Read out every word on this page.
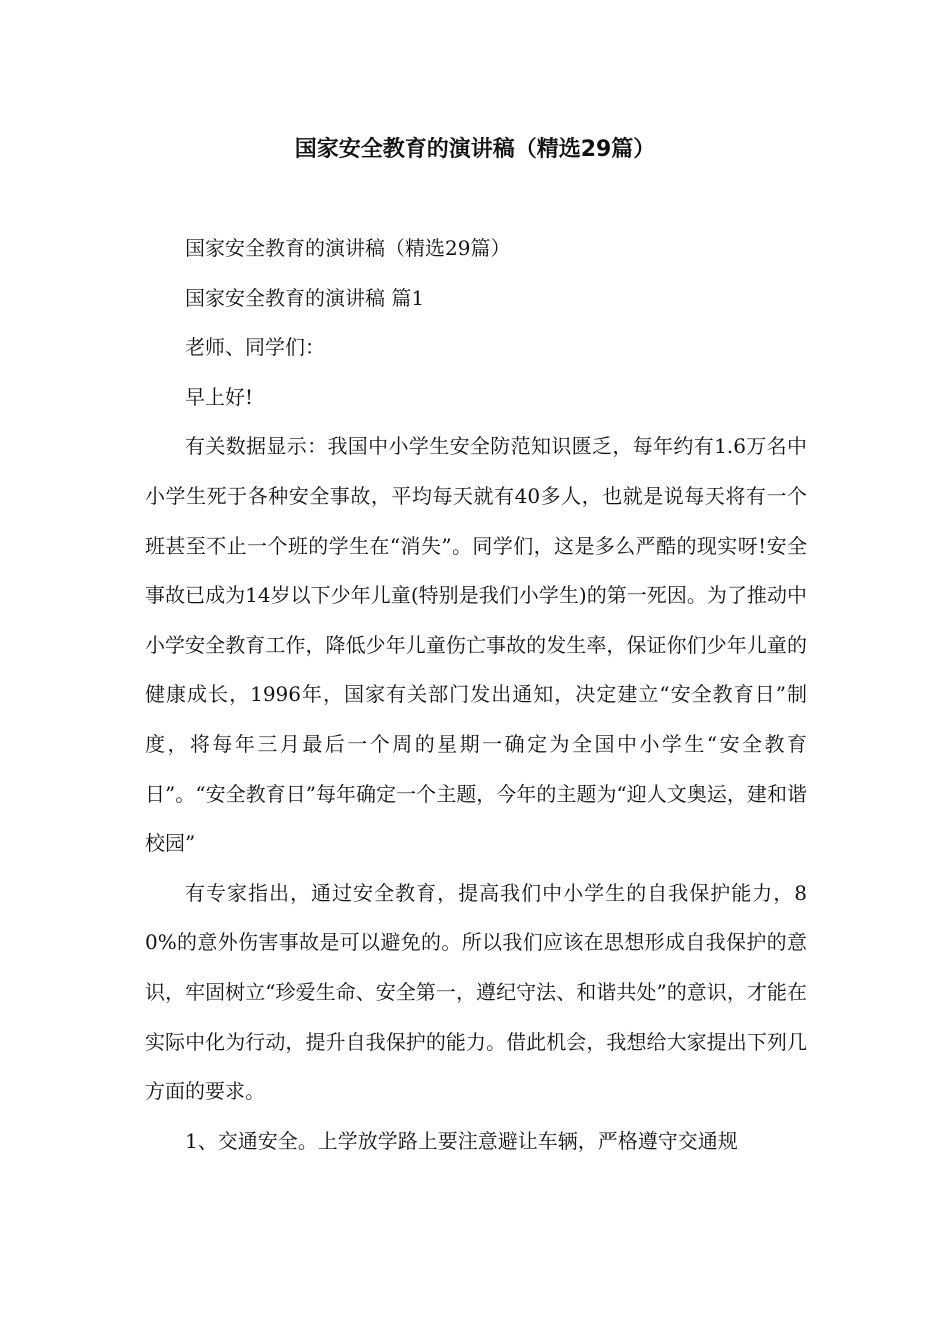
国家安全教育的演讲稿（精选29篇）

国家安全教育的演讲稿（精选29篇）

国家安全教育的演讲稿 篇1

老师、同学们：

早上好!

有关数据显示：我国中小学生安全防范知识匮乏，每年约有1.6万名中小学生死于各种安全事故，平均每天就有40多人，也就是说每天将有一个班甚至不止一个班的学生在“消失”。同学们，这是多么严酷的现实呀!安全事故已成为14岁以下少年儿童(特别是我们小学生)的第一死因。为了推动中小学安全教育工作，降低少年儿童伤亡事故的发生率，保证你们少年儿童的健康成长，1996年，国家有关部门发出通知，决定建立“安全教育日”制度，将每年三月最后一个周的星期一确定为全国中小学生“安全教育日”。“安全教育日”每年确定一个主题，今年的主题为“迎人文奥运，建和谐校园”

有专家指出，通过安全教育，提高我们中小学生的自我保护能力，80%的意外伤害事故是可以避免的。所以我们应该在思想形成自我保护的意识，牢固树立“珍爱生命、安全第一，遵纪守法、和谐共处”的意识，才能在实际中化为行动，提升自我保护的能力。借此机会，我想给大家提出下列几方面的要求。

1、交通安全。上学放学路上要注意避让车辆，严格遵守交通规
